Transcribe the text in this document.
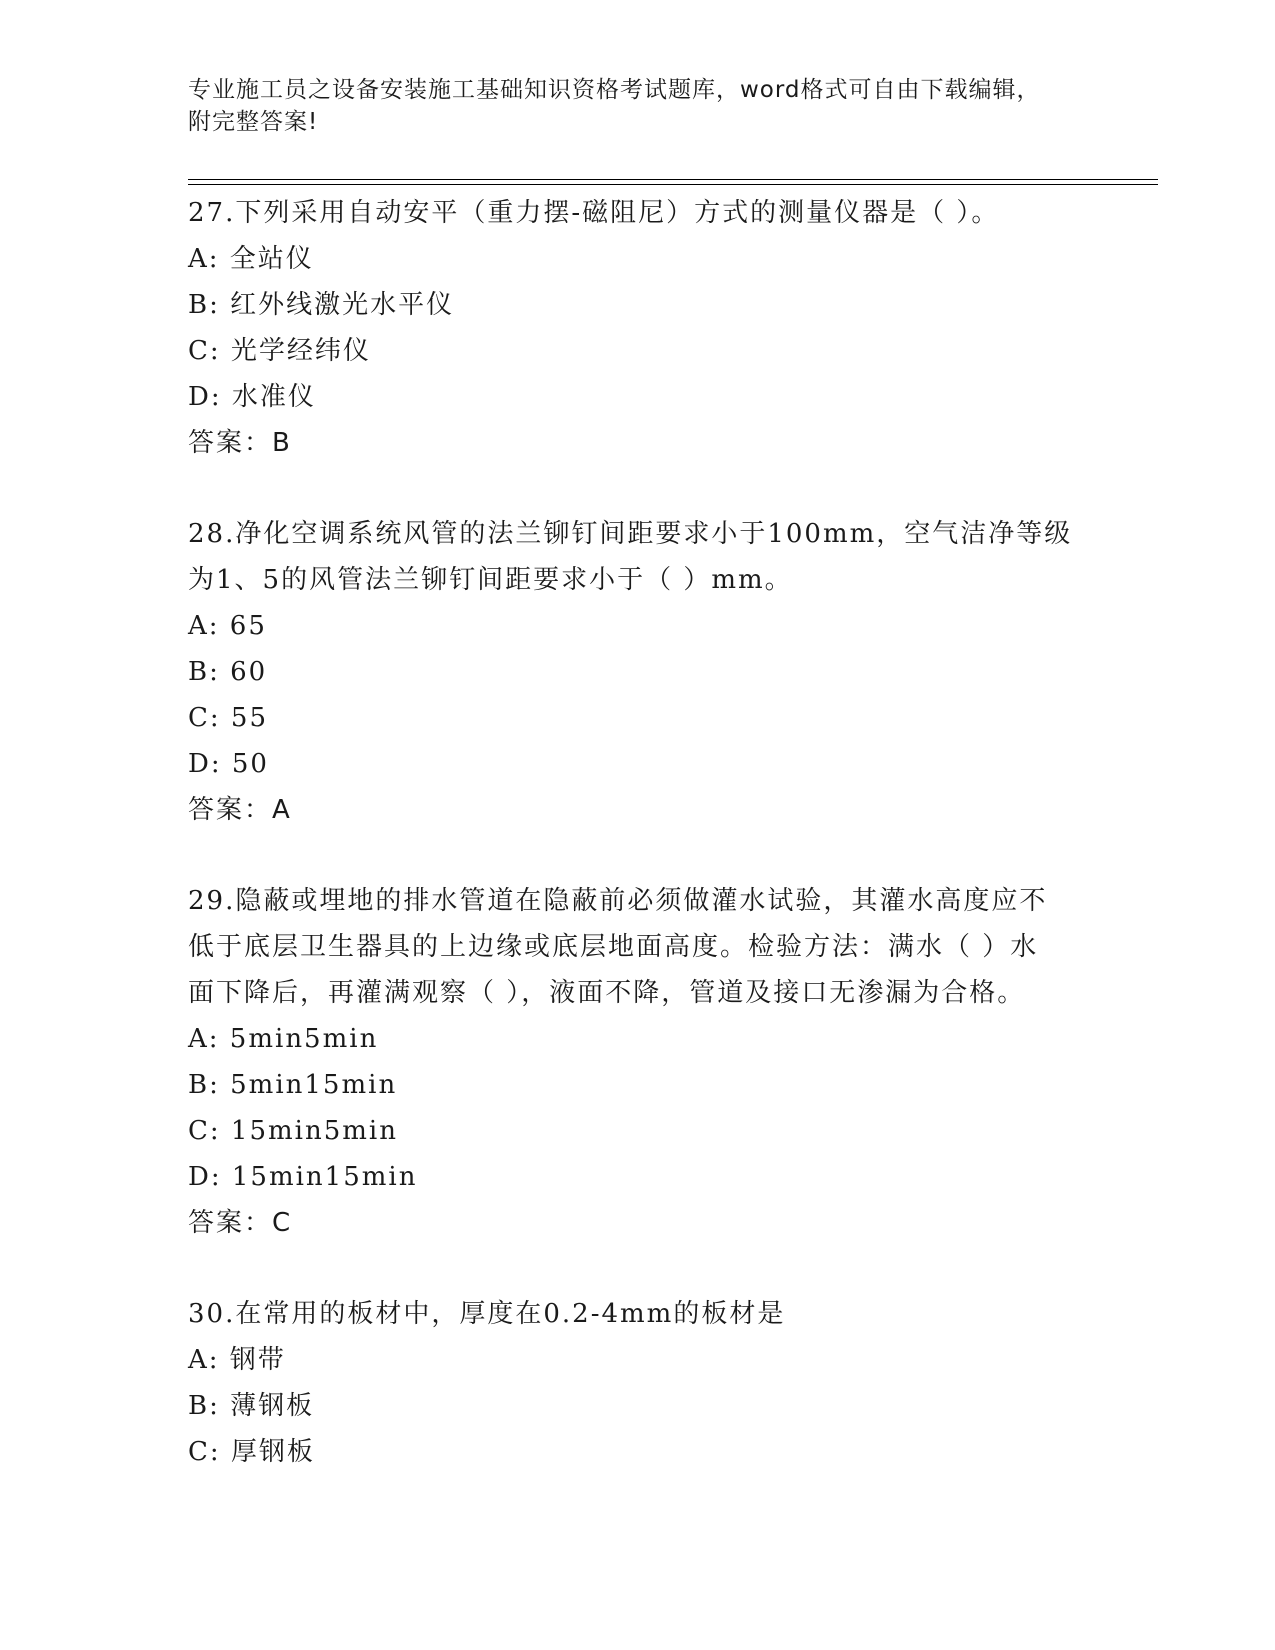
专业施工员之设备安装施工基础知识资格考试题库，word格式可自由下载编辑，
附完整答案!
27.下列采用自动安平（重力摆-磁阻尼）方式的测量仪器是（ ）。
A: 全站仪
B: 红外线激光水平仪
C: 光学经纬仪
D: 水准仪
答案：B
28.净化空调系统风管的法兰铆钉间距要求小于100mm，空气洁净等级
为1、5的风管法兰铆钉间距要求小于（ ）mm。
A: 65
B: 60
C: 55
D: 50
答案：A
29.隐蔽或埋地的排水管道在隐蔽前必须做灌水试验，其灌水高度应不
低于底层卫生器具的上边缘或底层地面高度。检验方法：满水（ ）水
面下降后，再灌满观察（ ），液面不降，管道及接口无渗漏为合格。
A: 5min5min
B: 5min15min
C: 15min5min
D: 15min15min
答案：C
30.在常用的板材中，厚度在0.2-4mm的板材是
A: 钢带
B: 薄钢板
C: 厚钢板
